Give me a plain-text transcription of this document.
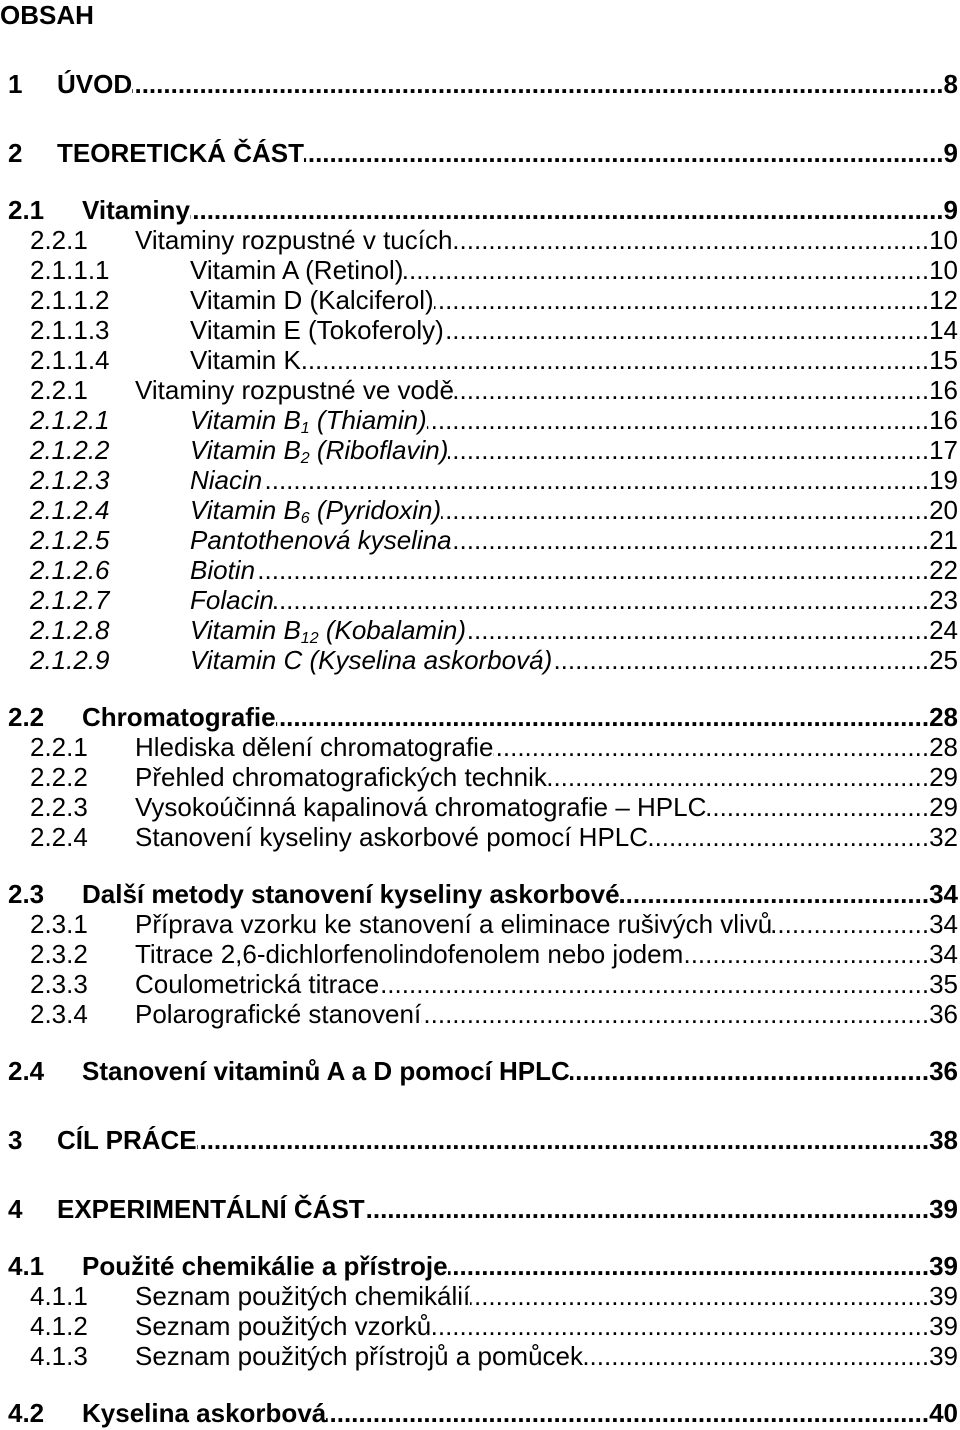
OBSAH
1	ÚVOD .....	8
2	TEORETICKÁ ČÁST .....	9
2.1	Vitaminy .....	9
2.2.1	Vitaminy rozpustné v tucích .....	10
2.1.1.1	Vitamin A (Retinol) .....	10
2.1.1.2	Vitamin D (Kalciferol) .....	12
2.1.1.3	Vitamin E (Tokoferoly) .....	14
2.1.1.4	Vitamin K. .....	15
2.2.1	Vitaminy rozpustné ve vodě .....	16
2.1.2.1	Vitamin $B_1$ (Thiamin) .....	16
2.1.2.2	Vitamin $B_2$ (Riboflavin) .....	17
2.1.2.3	Niacin .....	19
2.1.2.4	Vitamin $B_6$ (Pyridoxin) .....	20
2.1.2.5	Pantothenová kyselina .....	21
2.1.2.6	Biotin .....	22
2.1.2.7	Folacin .....	23
2.1.2.8	Vitamin $B_{12}$ (Kobalamin) .....	24
2.1.2.9	Vitamin C (Kyselina askorbová) .....	25
2.2	Chromatografie .....	28
2.2.1	Hlediska dělení chromatografie .....	28
2.2.2	Přehled chromatografických technik .....	29
2.2.3	Vysokoúčinná kapalinová chromatografie – HPLC .....	29
2.2.4	Stanovení kyseliny askorbové pomocí HPLC .....	32
2.3	Další metody stanovení kyseliny askorbové .....	34
2.3.1	Příprava vzorku ke stanovení a eliminace rušivých vlivů .....	34
2.3.2	Titrace 2,6-dichlorfenolindofenolem nebo jodem .....	34
2.3.3	Coulometrická titrace .....	35
2.3.4	Polarografické stanovení .....	36
2.4	Stanovení vitaminů A a D pomocí HPLC .....	36
3	CÍL PRÁCE .....	38
4	EXPERIMENTÁLNÍ ČÁST .....	39
4.1	Použité chemikálie a přístroje .....	39
4.1.1	Seznam použitých chemikálií .....	39
4.1.2	Seznam použitých vzorků .....	39
4.1.3	Seznam použitých přístrojů a pomůcek .....	39
4.2	Kyselina askorbová .....	40
